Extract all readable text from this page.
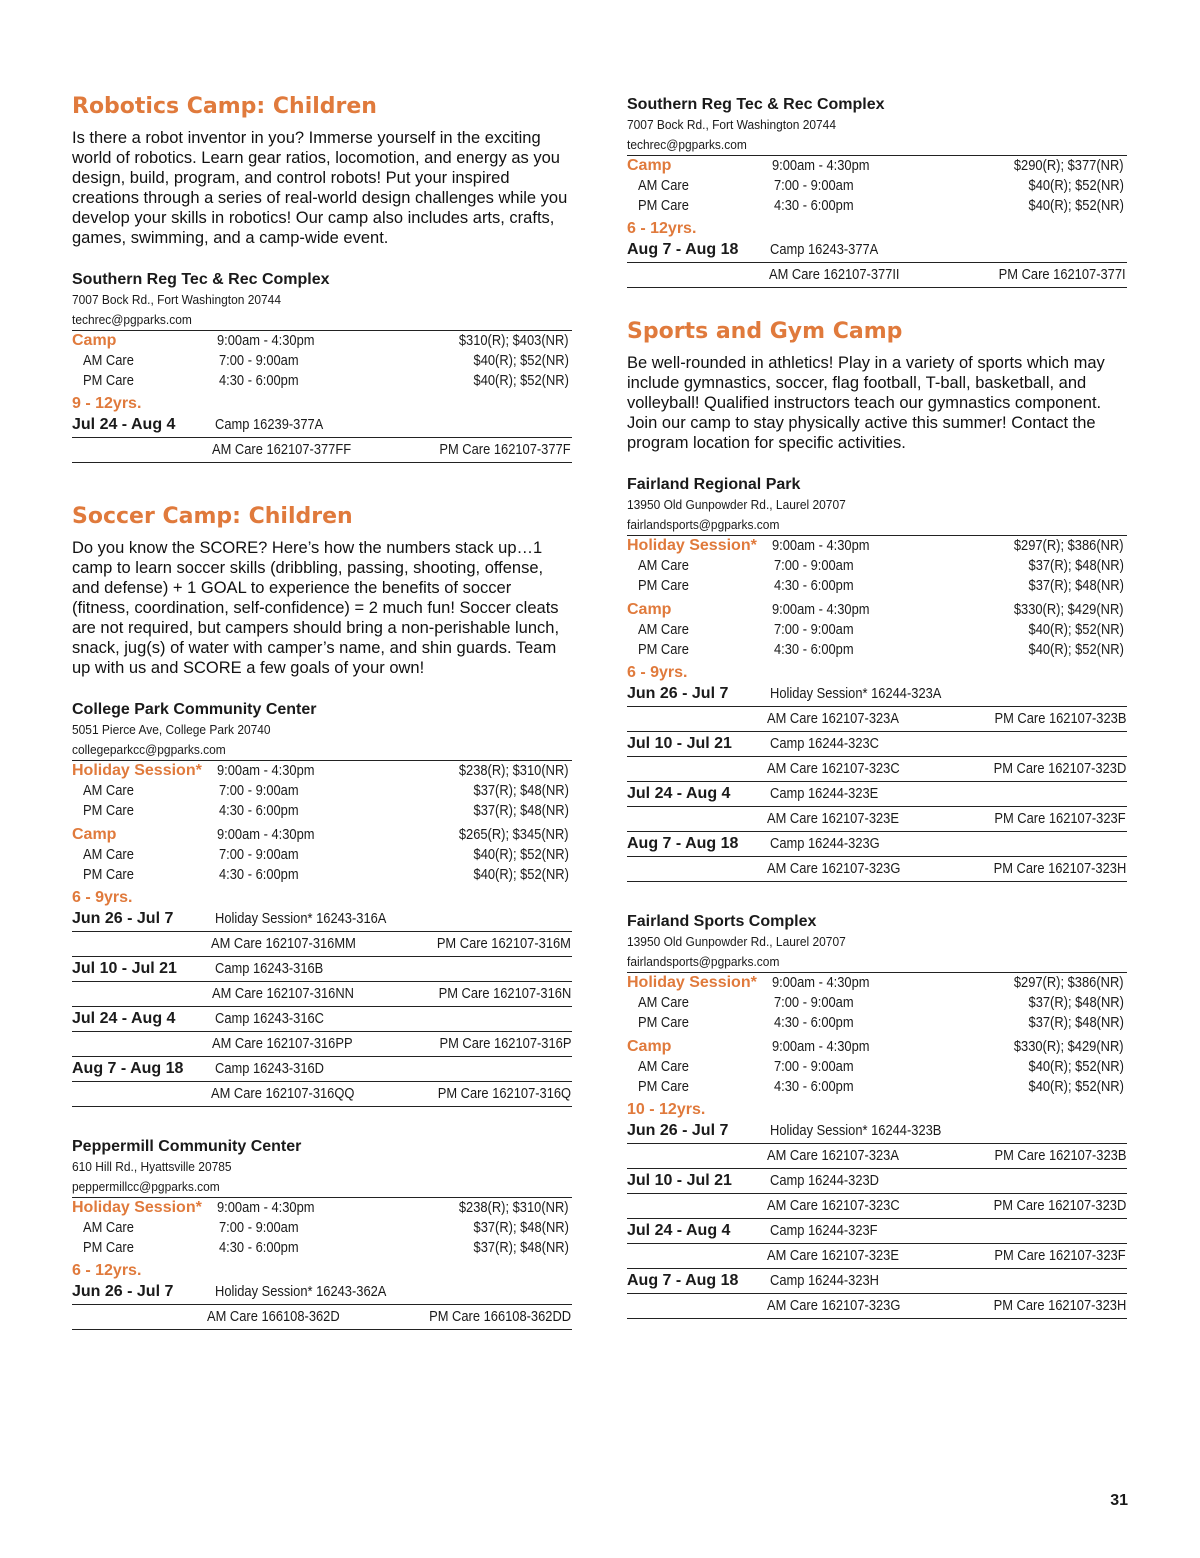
Robotics Camp: Children

Is there a robot inventor in you? Immerse yourself in the exciting world of robotics. Learn gear ratios, locomotion, and energy as you design, build, program, and control robots! Put your inspired creations through a series of real-world design challenges while you develop your skills in robotics! Our camp also includes arts, crafts, games, swimming, and a camp-wide event.

Southern Reg Tec & Rec Complex
7007 Bock Rd., Fort Washington 20744
techrec@pgparks.com
Camp	9:00am - 4:30pm	$310(R); $403(NR)
AM Care	7:00 - 9:00am	$40(R); $52(NR)
PM Care	4:30 - 6:00pm	$40(R); $52(NR)
9 - 12yrs.
Jul 24 - Aug 4	Camp 16239-377A
AM Care 162107-377FF	PM Care 162107-377F
Soccer Camp: Children

Do you know the SCORE? Here’s how the numbers stack up…1 camp to learn soccer skills (dribbling, passing, shooting, offense, and defense) + 1 GOAL to experience the benefits of soccer (fitness, coordination, self-confidence) = 2 much fun! Soccer cleats are not required, but campers should bring a non-perishable lunch, snack, jug(s) of water with camper’s name, and shin guards. Team up with us and SCORE a few goals of your own!

College Park Community Center
5051 Pierce Ave, College Park 20740
collegeparkcc@pgparks.com
Holiday Session*	9:00am - 4:30pm	$238(R); $310(NR)
AM Care	7:00 - 9:00am	$37(R); $48(NR)
PM Care	4:30 - 6:00pm	$37(R); $48(NR)
Camp	9:00am - 4:30pm	$265(R); $345(NR)
AM Care	7:00 - 9:00am	$40(R); $52(NR)
PM Care	4:30 - 6:00pm	$40(R); $52(NR)
6 - 9yrs.
Jun 26 - Jul 7	Holiday Session* 16243-316A
AM Care 162107-316MM	PM Care 162107-316M
Jul 10 - Jul 21	Camp 16243-316B
AM Care 162107-316NN	PM Care 162107-316N
Jul 24 - Aug 4	Camp 16243-316C
AM Care 162107-316PP	PM Care 162107-316P
Aug 7 - Aug 18	Camp 16243-316D
AM Care 162107-316QQ	PM Care 162107-316Q
Peppermill Community Center
610 Hill Rd., Hyattsville 20785
peppermillcc@pgparks.com
Holiday Session*	9:00am - 4:30pm	$238(R); $310(NR)
AM Care	7:00 - 9:00am	$37(R); $48(NR)
PM Care	4:30 - 6:00pm	$37(R); $48(NR)
6 - 12yrs.
Jun 26 - Jul 7	Holiday Session* 16243-362A
AM Care 166108-362D	PM Care 166108-362DD
Southern Reg Tec & Rec Complex
7007 Bock Rd., Fort Washington 20744
techrec@pgparks.com
Camp	9:00am - 4:30pm	$290(R); $377(NR)
AM Care	7:00 - 9:00am	$40(R); $52(NR)
PM Care	4:30 - 6:00pm	$40(R); $52(NR)
6 - 12yrs.
Aug 7 - Aug 18	Camp 16243-377A
AM Care 162107-377II	PM Care 162107-377I
Sports and Gym Camp

Be well-rounded in athletics! Play in a variety of sports which may include gymnastics, soccer, flag football, T-ball, basketball, and volleyball! Qualified instructors teach our gymnastics component. Join our camp to stay physically active this summer! Contact the program location for specific activities.

Fairland Regional Park
13950 Old Gunpowder Rd., Laurel 20707
fairlandsports@pgparks.com
Holiday Session*	9:00am - 4:30pm	$297(R); $386(NR)
AM Care	7:00 - 9:00am	$37(R); $48(NR)
PM Care	4:30 - 6:00pm	$37(R); $48(NR)
Camp	9:00am - 4:30pm	$330(R); $429(NR)
AM Care	7:00 - 9:00am	$40(R); $52(NR)
PM Care	4:30 - 6:00pm	$40(R); $52(NR)
6 - 9yrs.
Jun 26 - Jul 7	Holiday Session* 16244-323A
AM Care 162107-323A	PM Care 162107-323B
Jul 10 - Jul 21	Camp 16244-323C
AM Care 162107-323C	PM Care 162107-323D
Jul 24 - Aug 4	Camp 16244-323E
AM Care 162107-323E	PM Care 162107-323F
Aug 7 - Aug 18	Camp 16244-323G
AM Care 162107-323G	PM Care 162107-323H
Fairland Sports Complex
13950 Old Gunpowder Rd., Laurel 20707
fairlandsports@pgparks.com
Holiday Session*	9:00am - 4:30pm	$297(R); $386(NR)
AM Care	7:00 - 9:00am	$37(R); $48(NR)
PM Care	4:30 - 6:00pm	$37(R); $48(NR)
Camp	9:00am - 4:30pm	$330(R); $429(NR)
AM Care	7:00 - 9:00am	$40(R); $52(NR)
PM Care	4:30 - 6:00pm	$40(R); $52(NR)
10 - 12yrs.
Jun 26 - Jul 7	Holiday Session* 16244-323B
AM Care 162107-323A	PM Care 162107-323B
Jul 10 - Jul 21	Camp 16244-323D
AM Care 162107-323C	PM Care 162107-323D
Jul 24 - Aug 4	Camp 16244-323F
AM Care 162107-323E	PM Care 162107-323F
Aug 7 - Aug 18	Camp 16244-323H
AM Care 162107-323G	PM Care 162107-323H
31
